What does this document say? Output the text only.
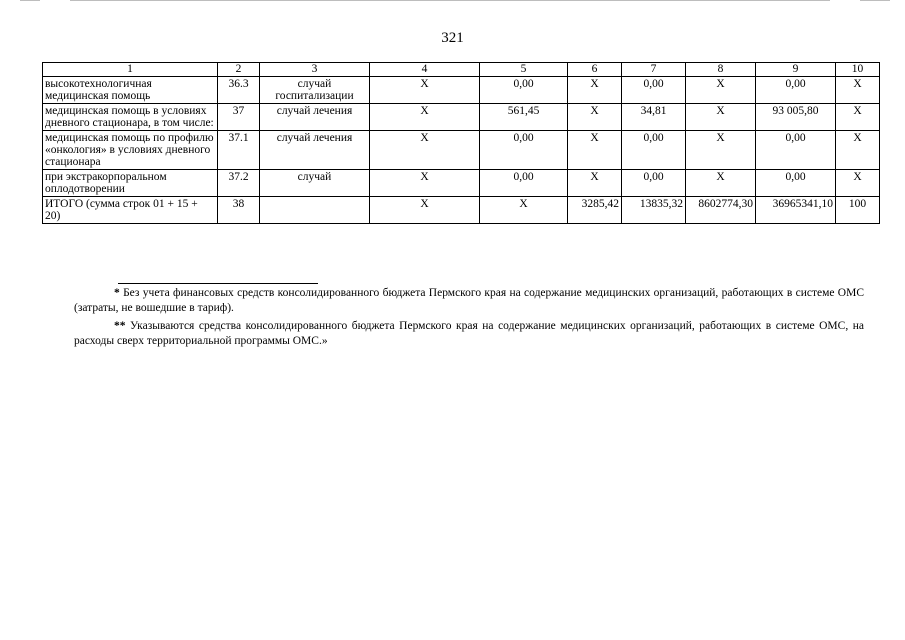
321
1	2	3	4	5	6	7	8	9	10
высокотехнологичная медицинская помощь	36.3	случай госпитализации	Х	0,00	Х	0,00	Х	0,00	Х
медицинская помощь в условиях дневного стационара, в том числе:	37	случай лечения	Х	561,45	Х	34,81	Х	93 005,80	Х
медицинская помощь по профилю «онкология» в условиях дневного стационара	37.1	случай лечения	Х	0,00	Х	0,00	Х	0,00	Х
при экстракорпоральном оплодотворении	37.2	случай	Х	0,00	Х	0,00	Х	0,00	Х
ИТОГО (сумма строк 01 + 15 + 20)	38		Х	Х	3285,42	13835,32	8602774,30	36965341,10	100

* Без учета финансовых средств консолидированного бюджета Пермского края на содержание медицинских организаций, работающих в системе ОМС (затраты, не вошедшие в тариф).

** Указываются средства консолидированного бюджета Пермского края на содержание медицинских организаций, работающих в системе ОМС, на расходы сверх территориальной программы ОМС.»
